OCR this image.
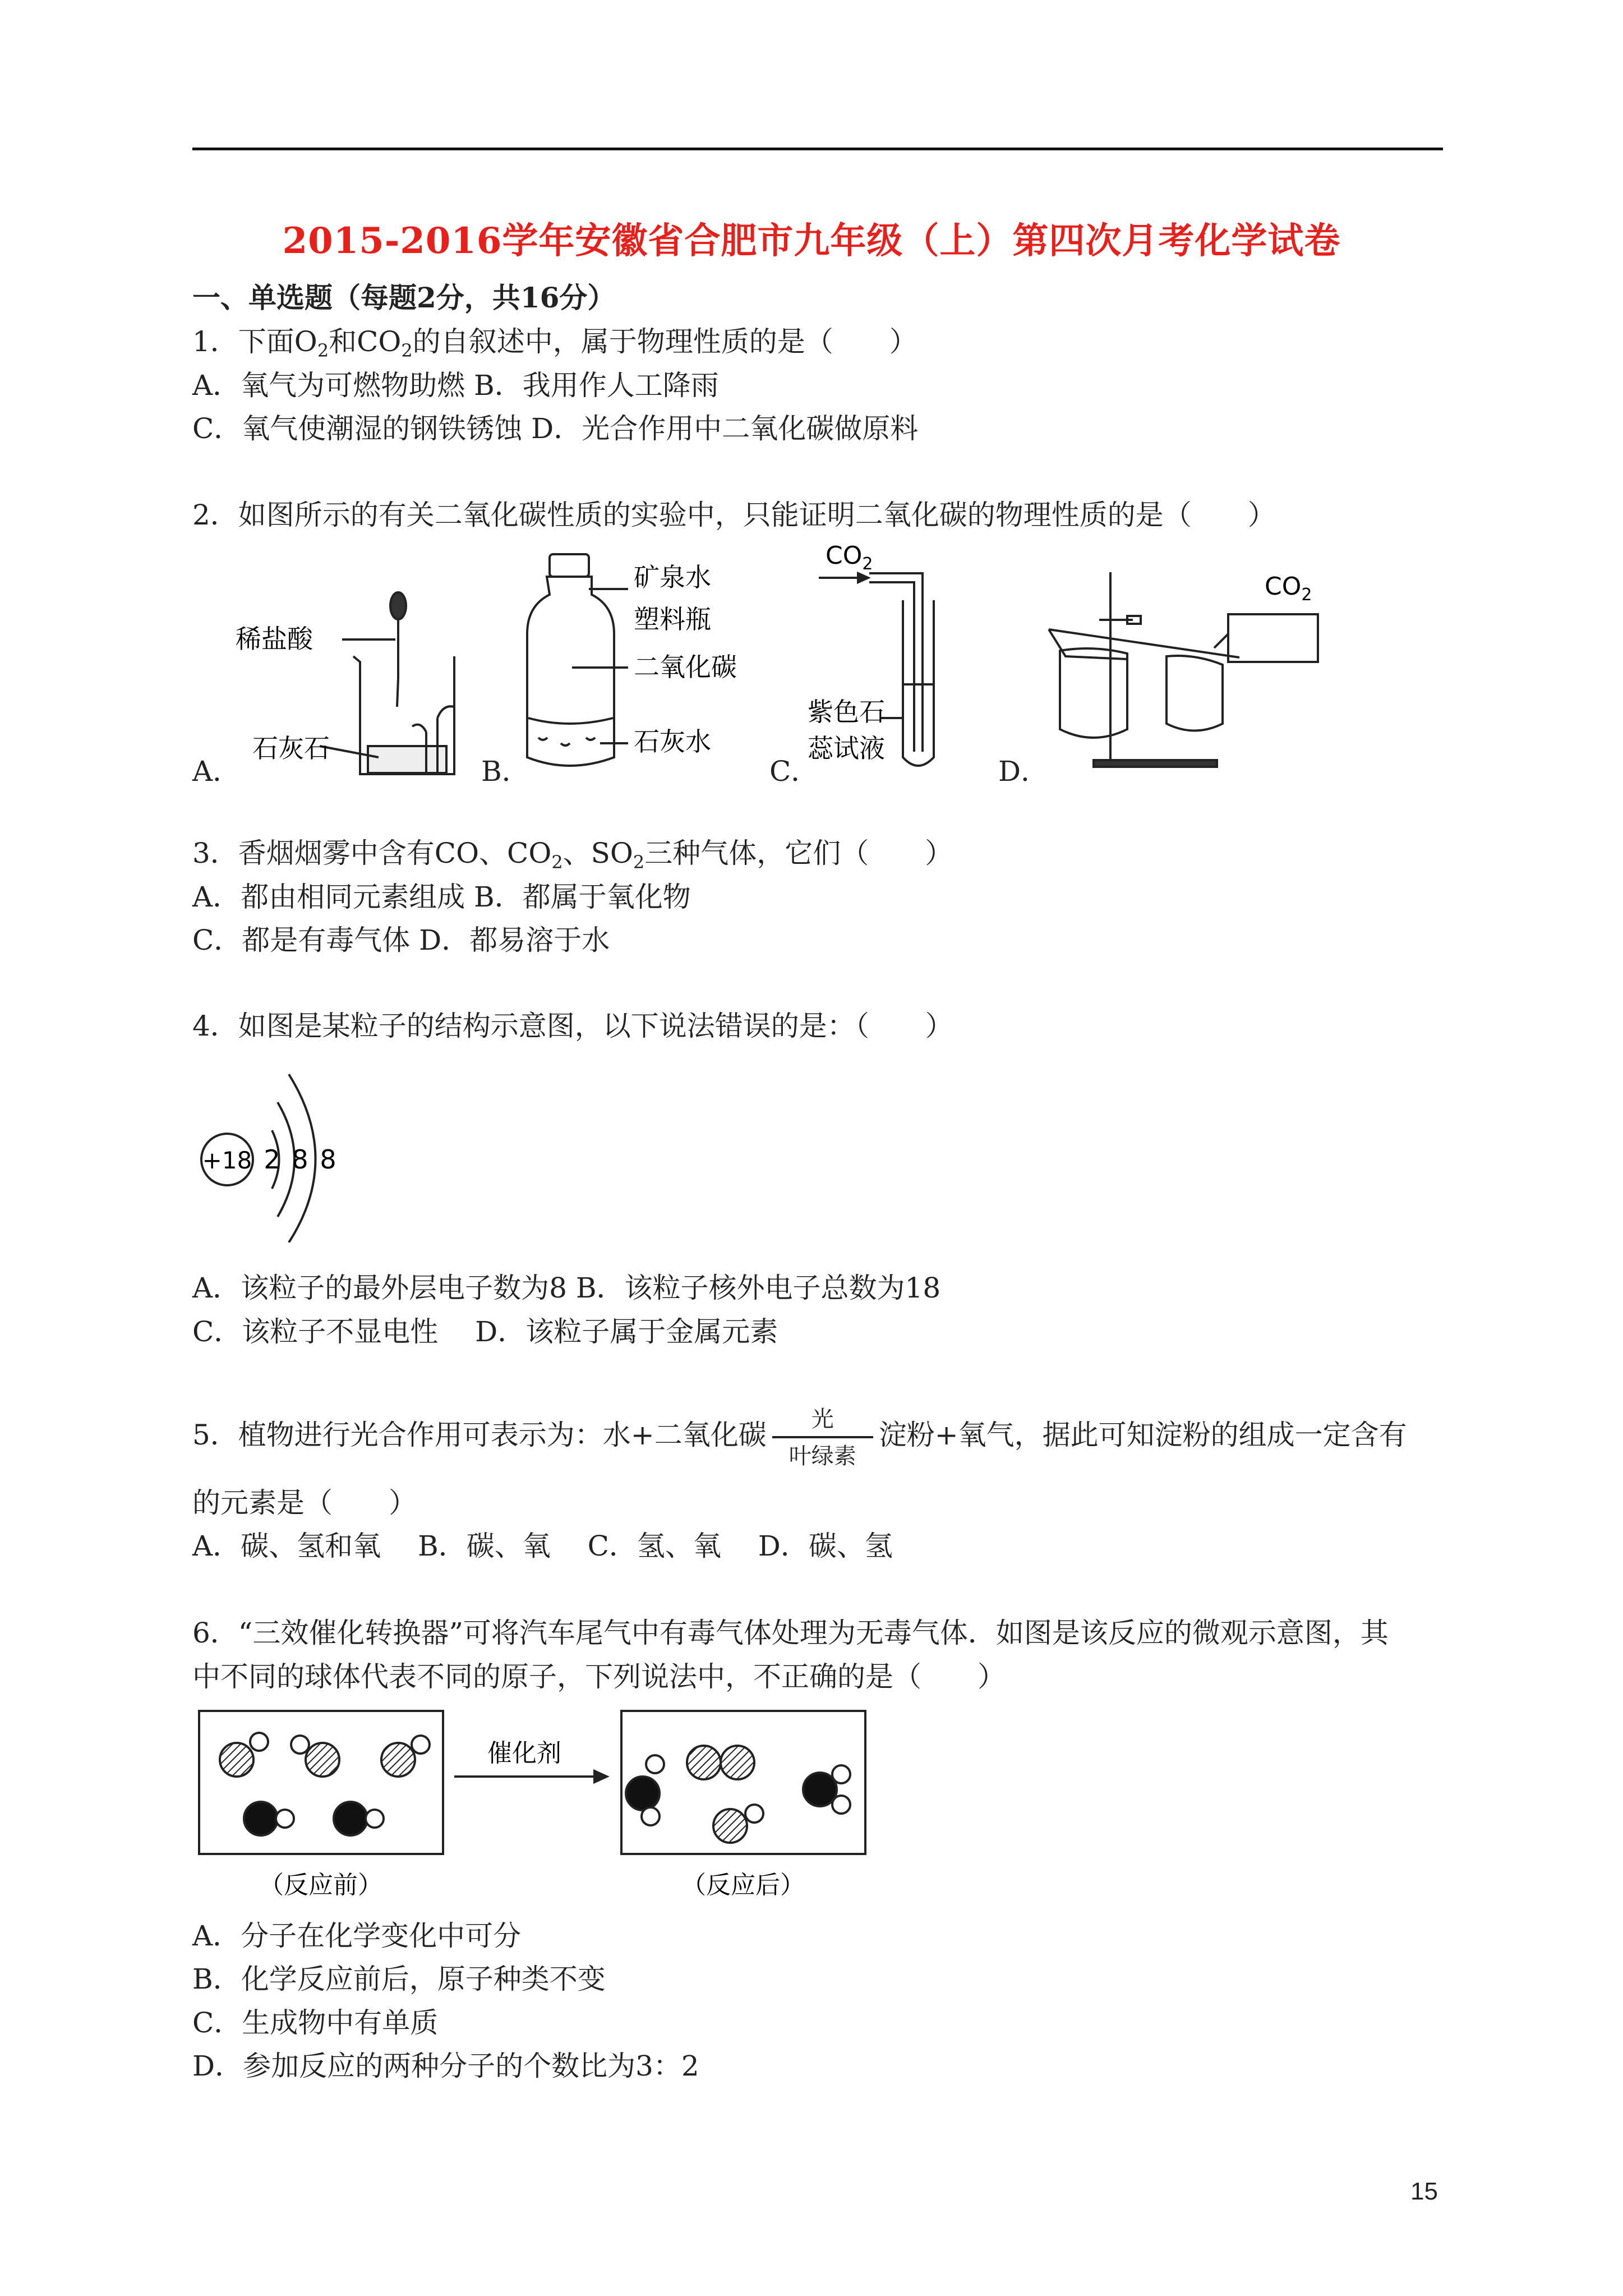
2015-2016学年安徽省合肥市九年级（上）第四次月考化学试卷
一、单选题（每题2分，共16分）
1．下面$O_2$和$CO_2$的自叙述中，属于物理性质的是（　　）
A．氧气为可燃物助燃 B．我用作人工降雨
C．氧气使潮湿的钢铁锈蚀 D．光合作用中二氧化碳做原料
2．如图所示的有关二氧化碳性质的实验中，只能证明二氧化碳的物理性质的是（　　）
A．	B．	C．	D．
稀盐酸
石灰石
矿泉水
塑料瓶
二氧化碳
石灰水
$CO_2$
紫色石
蕊试液
$CO_2$
3．香烟烟雾中含有CO、$CO_2$、$SO_2$三种气体，它们（　　）
A．都由相同元素组成 B．都属于氧化物
C．都是有毒气体 D．都易溶于水
4．如图是某粒子的结构示意图，以下说法错误的是：（　　）
+18 2 8 8
A．该粒子的最外层电子数为8 B．该粒子核外电子总数为18
C．该粒子不显电性　 D．该粒子属于金属元素
5．植物进行光合作用可表示为：水+二氧化碳	光
叶绿素
淀粉+氧气，据此可知淀粉的组成一定含有
的元素是（　　）
A．碳、氢和氧　 B．碳、氧　 C．氢、氧　 D．碳、氢
6．“三效催化转换器”可将汽车尾气中有毒气体处理为无毒气体．如图是该反应的微观示意图，其
中不同的球体代表不同的原子，下列说法中，不正确的是（　　）
催化剂
（反应前）	（反应后）
A．分子在化学变化中可分
B．化学反应前后，原子种类不变
C．生成物中有单质
D．参加反应的两种分子的个数比为3：2
15
